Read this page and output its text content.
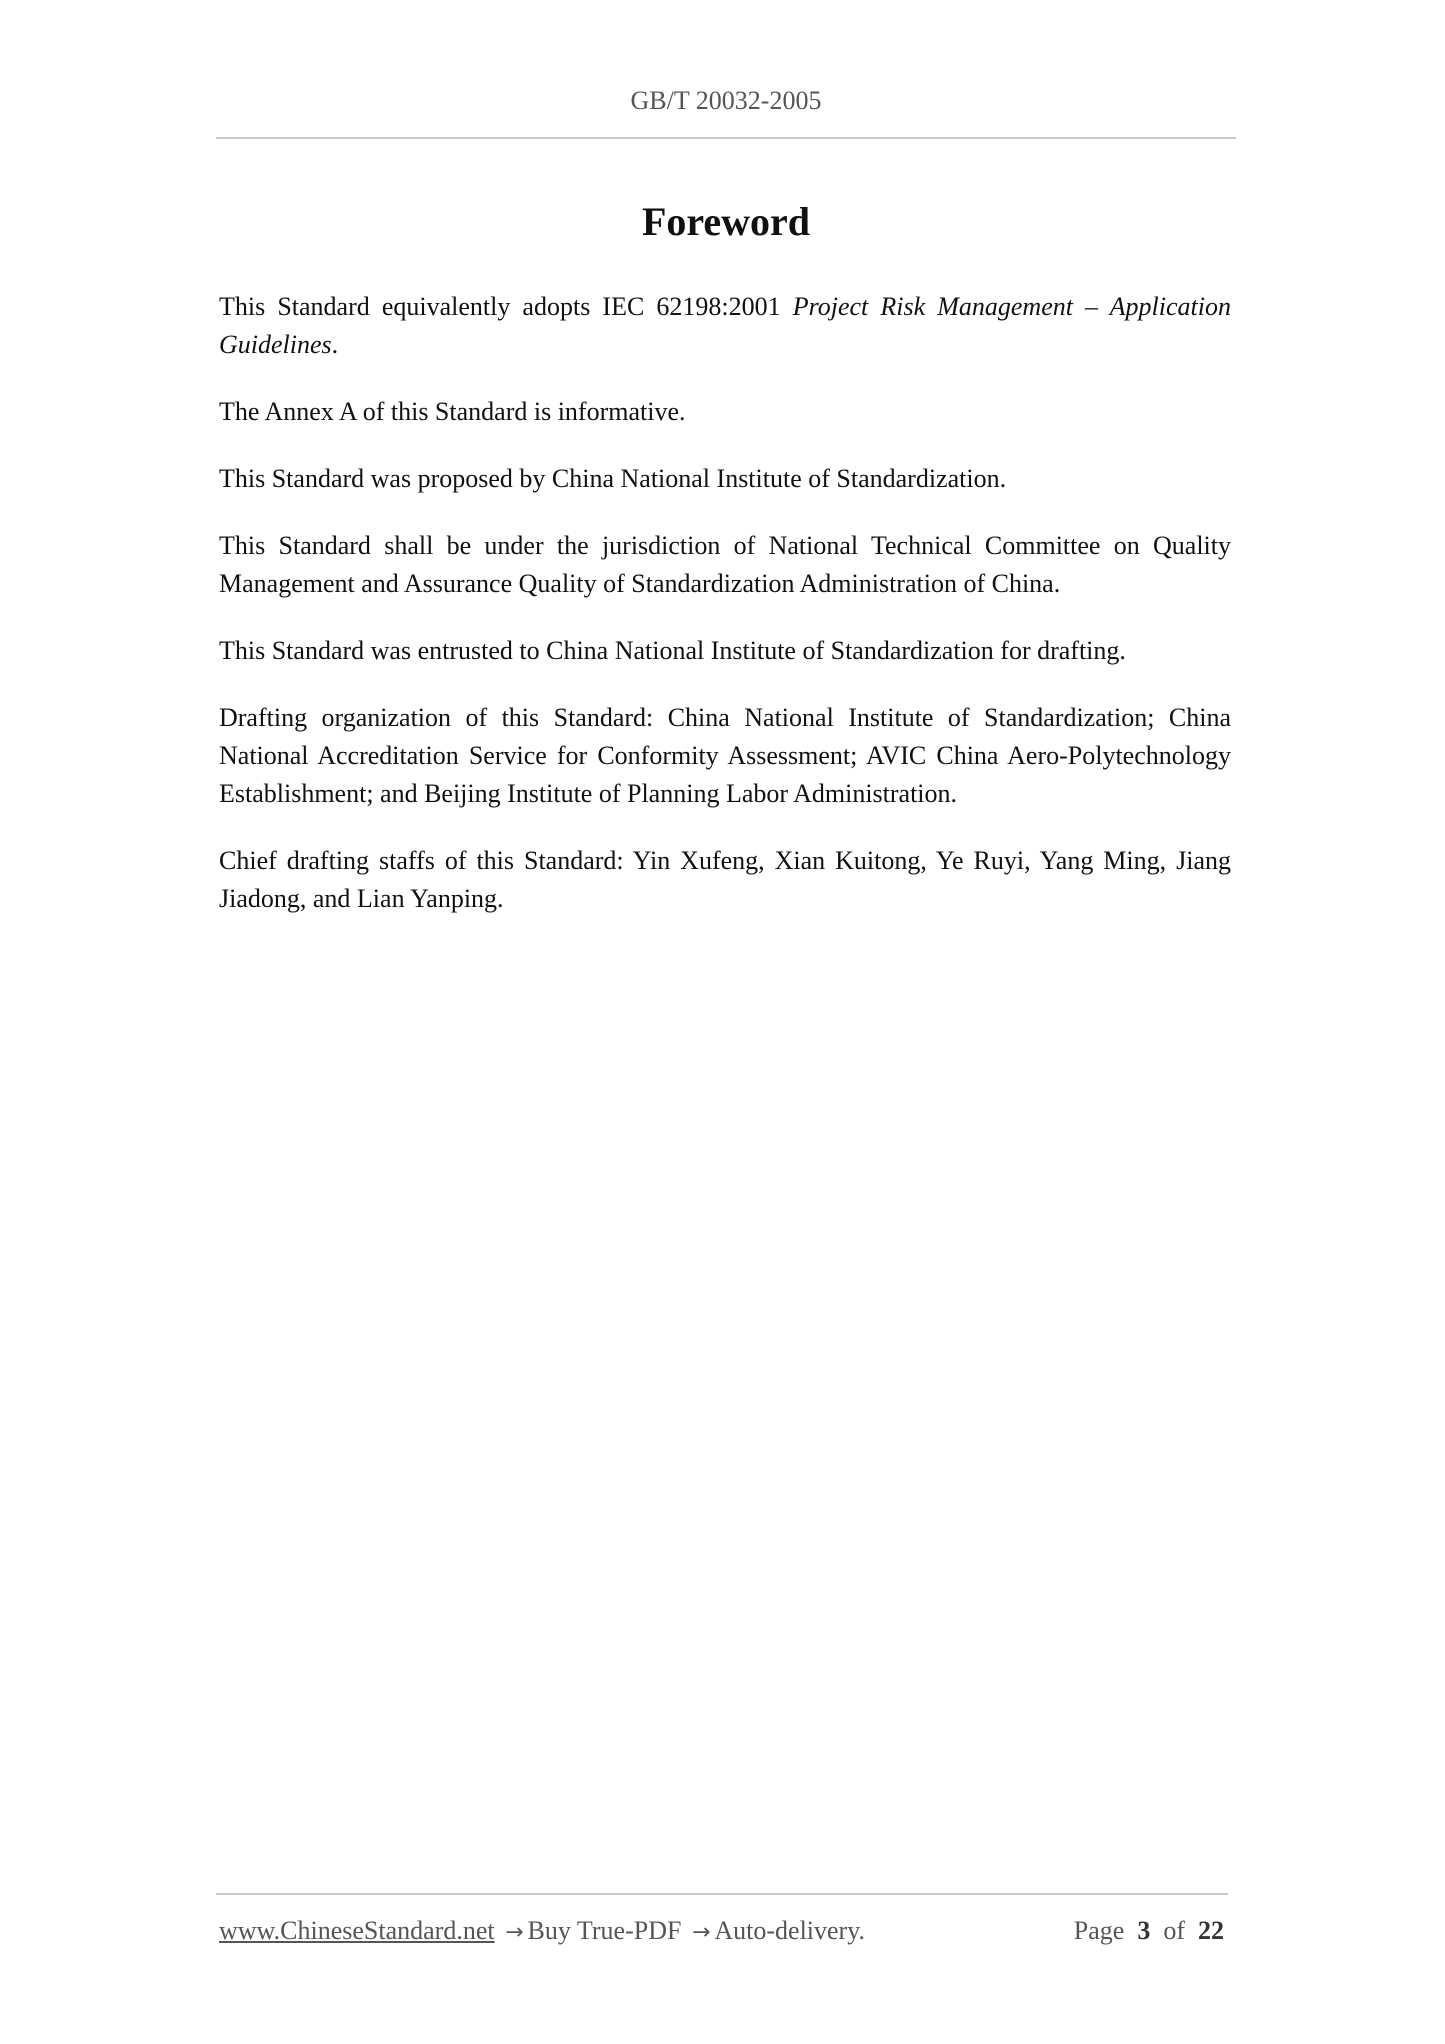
GB/T 20032-2005
Foreword

This Standard equivalently adopts IEC 62198:2001 Project Risk Management – Application Guidelines.

The Annex A of this Standard is informative.

This Standard was proposed by China National Institute of Standardization.

This Standard shall be under the jurisdiction of National Technical Committee on Quality Management and Assurance Quality of Standardization Administration of China.

This Standard was entrusted to China National Institute of Standardization for drafting.

Drafting organization of this Standard: China National Institute of Standardization; China National Accreditation Service for Conformity Assessment; AVIC China Aero-Polytechnology Establishment; and Beijing Institute of Planning Labor Administration.

Chief drafting staffs of this Standard: Yin Xufeng, Xian Kuitong, Ye Ruyi, Yang Ming, Jiang Jiadong, and Lian Yanping.

www.ChineseStandard.net → Buy True-PDF → Auto-delivery.	Page 3 of 22
